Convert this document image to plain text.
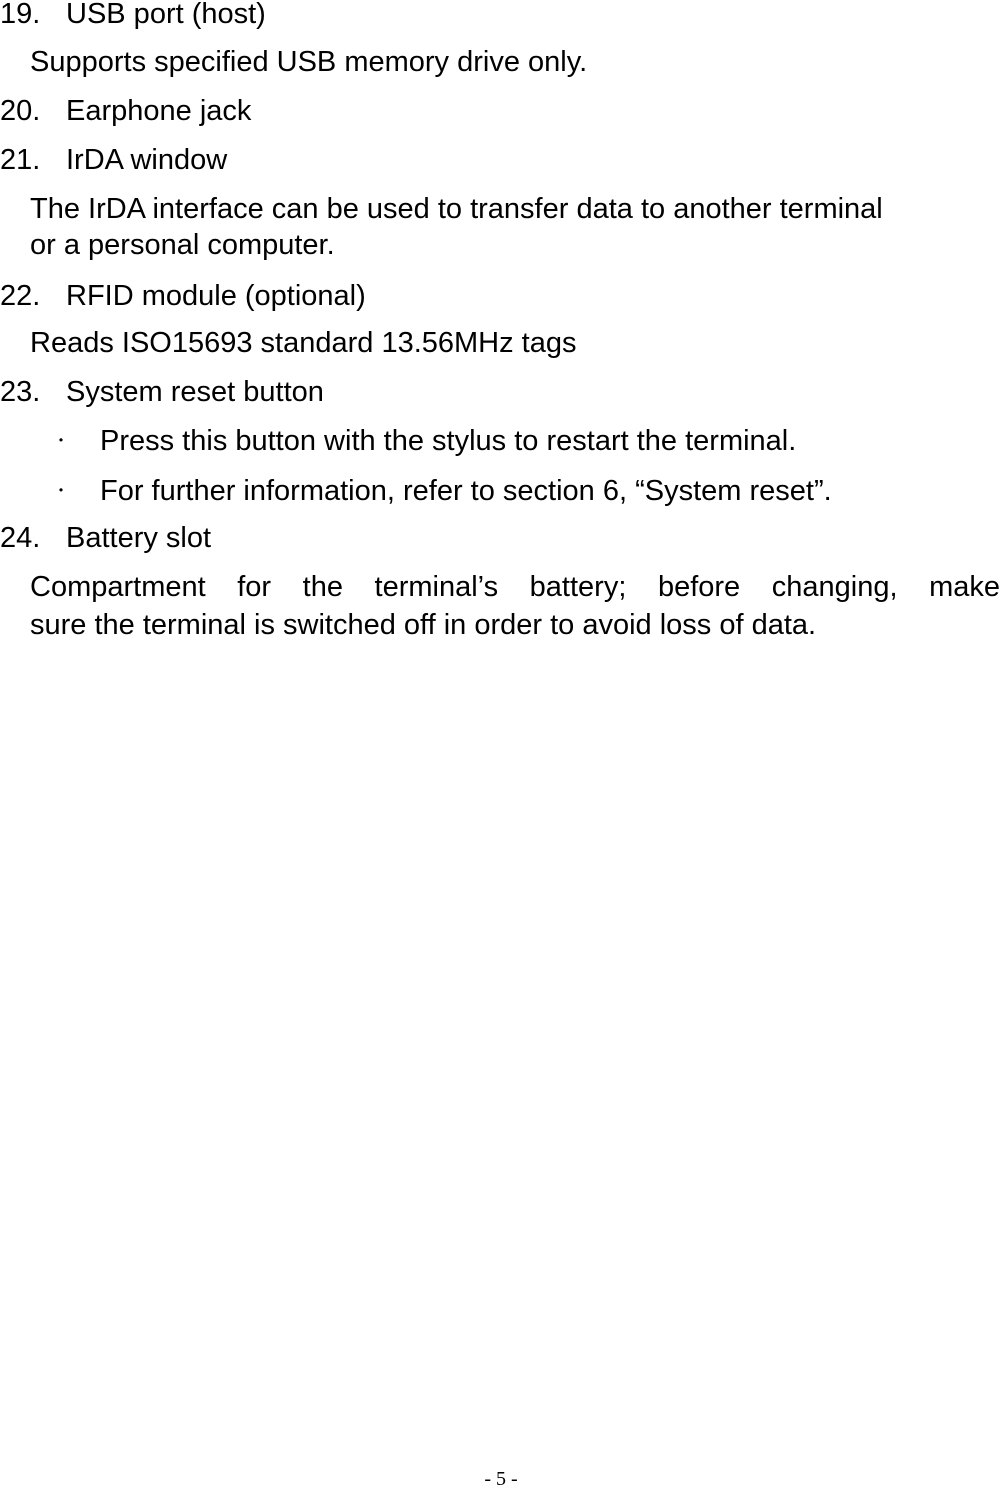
19. USB port (host)
Supports specified USB memory drive only.
20. Earphone jack
21. IrDA window
The IrDA interface can be used to transfer data to another terminal
or a personal computer.
22. RFID module (optional)
Reads ISO15693 standard 13.56MHz tags
23. System reset button
・ Press this button with the stylus to restart the terminal.
・ For further information, refer to section 6, “System reset”.
24. Battery slot
Compartment for the terminal’s battery; before changing, make
sure the terminal is switched off in order to avoid loss of data.
- 5 -
